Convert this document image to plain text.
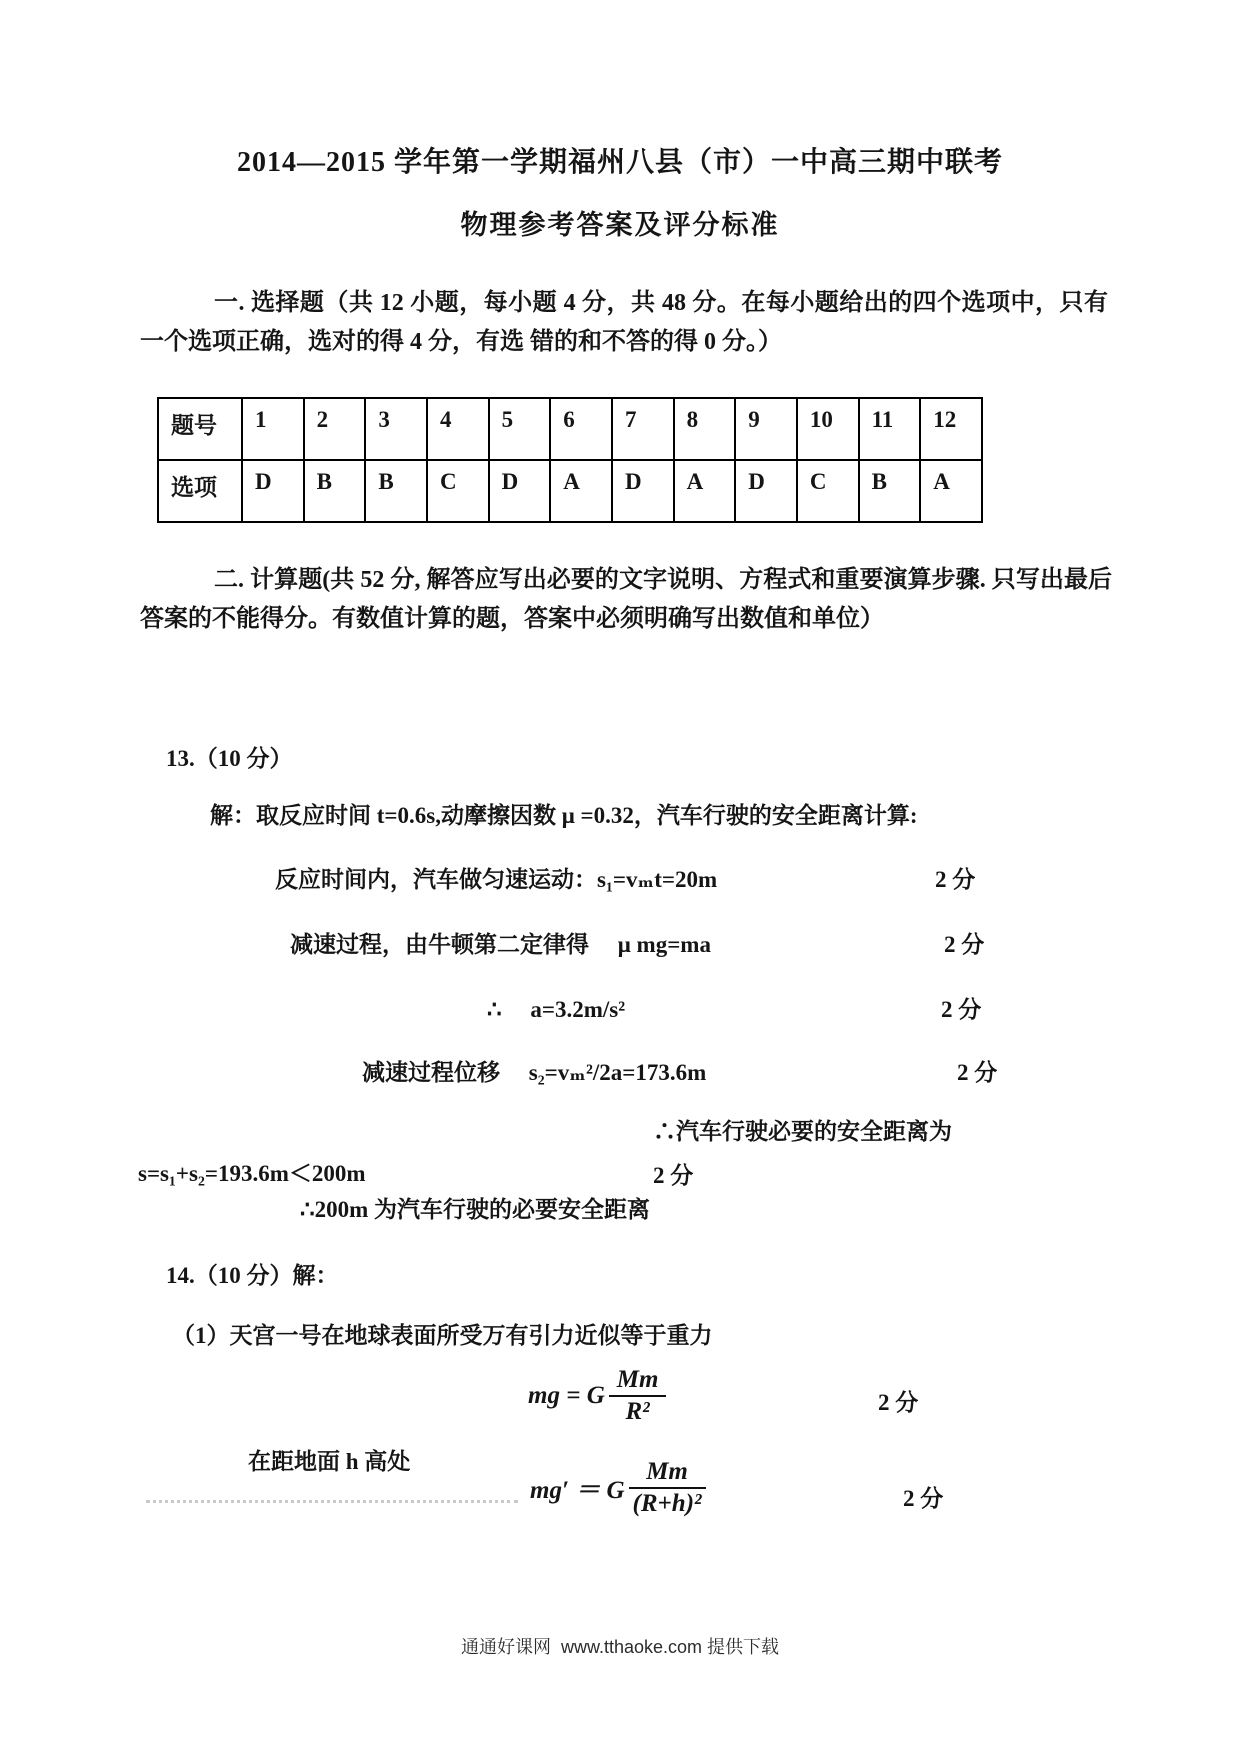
2014—2015 学年第一学期福州八县（市）一中高三期中联考
物理参考答案及评分标准
一. 选择题（共 12 小题，每小题 4 分，共 48 分。在每小题给出的四个选项中，只有一个选项正确，选对的得 4 分，有选 错的和不答的得 0 分。）
题号	1	2	3	4	5	6	7	8	9	10	11	12
选项	D	B	B	C	D	A	D	A	D	C	B	A
二. 计算题(共 52 分, 解答应写出必要的文字说明、方程式和重要演算步骤. 只写出最后答案的不能得分。有数值计算的题，答案中必须明确写出数值和单位）
13.（10 分）
解：取反应时间 t=0.6s,动摩擦因数 μ =0.32，汽车行驶的安全距离计算:
反应时间内，汽车做匀速运动：s₁=vₘt=20m	2 分
减速过程，由牛顿第二定律得　 μ mg=ma	2 分
∴　 a=3.2m/s²	2 分
减速过程位移　 s₂=vₘ²/2a=173.6m	2 分
∴汽车行驶必要的安全距离为
s=s₁+s₂=193.6m＜200m	2 分
∴200m 为汽车行驶的必要安全距离
14.（10 分）解：
（1）天宫一号在地球表面所受万有引力近似等于重力
mg = G $\frac{Mm}{\text{R²}}$	2 分
在距地面 h 高处
mg′ ＝ G $\frac{Mm}{\text{(R+h)²}}$	2 分
通通好课网  www.tthaoke.com 提供下载
